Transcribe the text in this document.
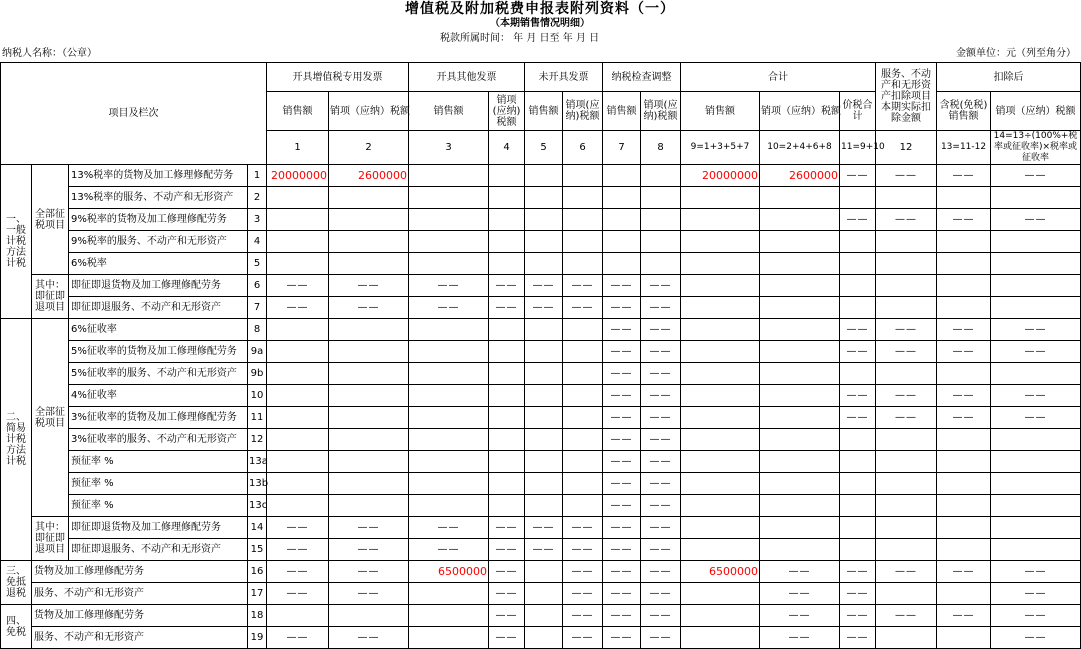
增值税及附加税费申报表附列资料（一）
（本期销售情况明细）
税款所属时间： 年 月 日至 年 月 日
纳税人名称：（公章）	金额单位：元（列至角分）
项目及栏次				开具增值税专用发票		开具其他发票		未开具发票		纳税检查调整		合计			服务、不动产和无形资产扣除项目本期实际扣除金额	扣除后	
				销售额	销项（应纳）税额	销售额	销项(应纳)税额	销售额	销项(应纳)税额	销售额	销项(应纳)税额	销售额	销项（应纳）税额	价税合计		含税(免税)销售额	销项（应纳）税额
				1	2	3	4	5	6	7	8	9=1+3+5+7	10=2+4+6+8	11=9+10	12	13=11-12	14=13÷(100%+税率或征收率)×税率或征收率
一、一般计税方法计税	全部征税项目	13%税率的货物及加工修理修配劳务	1	20000000	2600000							20000000	2600000	——	——	——	——
		13%税率的服务、不动产和无形资产	2														
		9%税率的货物及加工修理修配劳务	3											——	——	——	——
		9%税率的服务、不动产和无形资产	4														
		6%税率	5														
	其中：即征即退项目	即征即退货物及加工修理修配劳务	6	——	——	——	——	——	——	——	——						
		即征即退服务、不动产和无形资产	7	——	——	——	——	——	——	——	——						
二、简易计税方法计税	全部征税项目	6%征收率	8							——	——			——	——	——	——
		5%征收率的货物及加工修理修配劳务	9a							——	——			——	——	——	——
		5%征收率的服务、不动产和无形资产	9b							——	——						
		4%征收率	10							——	——			——	——	——	——
		3%征收率的货物及加工修理修配劳务	11							——	——			——	——	——	——
		3%征收率的服务、不动产和无形资产	12							——	——						
		预征率 %	13a							——	——						
		预征率 %	13b							——	——						
		预征率 %	13c							——	——						
	其中：即征即退项目	即征即退货物及加工修理修配劳务	14	——	——	——	——	——	——	——	——						
		即征即退服务、不动产和无形资产	15	——	——	——	——	——	——	——	——						
三、免抵退税	货物及加工修理修配劳务		16	——	——	6500000	——		——	——	——	6500000	——	——	——	——	——
	服务、不动产和无形资产		17	——	——		——		——	——	——		——	——			——
四、免税	货物及加工修理修配劳务		18				——		——	——	——		——	——	——	——	——
	服务、不动产和无形资产		19	——	——		——		——	——	——		——	——			——
